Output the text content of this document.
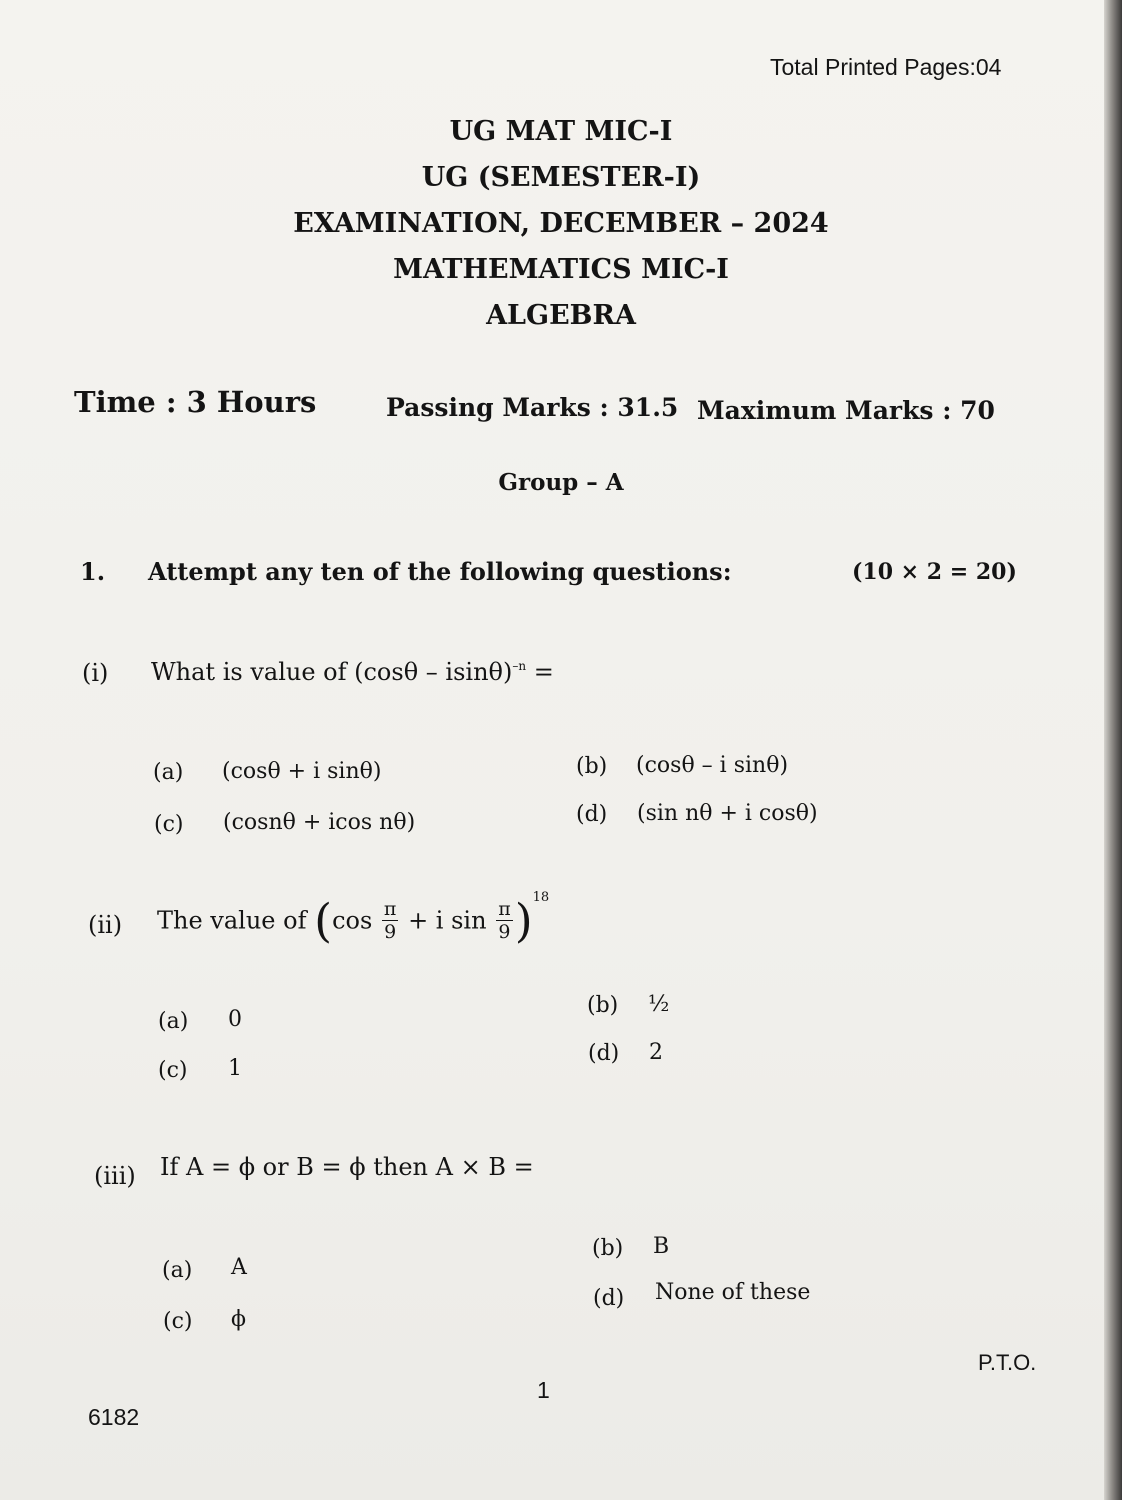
Total Printed Pages:04
UG MAT MIC-I
UG (SEMESTER-I)
EXAMINATION, DECEMBER – 2024
MATHEMATICS MIC-I
ALGEBRA
Time : 3 Hours	Passing Marks : 31.5 Maximum Marks : 70
Group – A
1. Attempt any ten of the following questions:	(10 × 2 = 20)
(i) What is value of (cosθ – isinθ)$^{-n}$ =
(a) (cosθ + i sinθ)	(b) (cosθ – i sinθ)
(c) (cosnθ + icos nθ)	(d) (sin nθ + i cosθ)
(ii) The value of ($\cos \frac{\pi}{9} + i$ $\sin \frac{\pi}{9} )^{18}$
(a) 0
(b) ½
(c) 1
(d) 2
(iii) If A = ϕ or B = ϕ then A × B =
(a) A
(b) B
(c) ϕ
(d) None of these
P.T.O.
1
6182
